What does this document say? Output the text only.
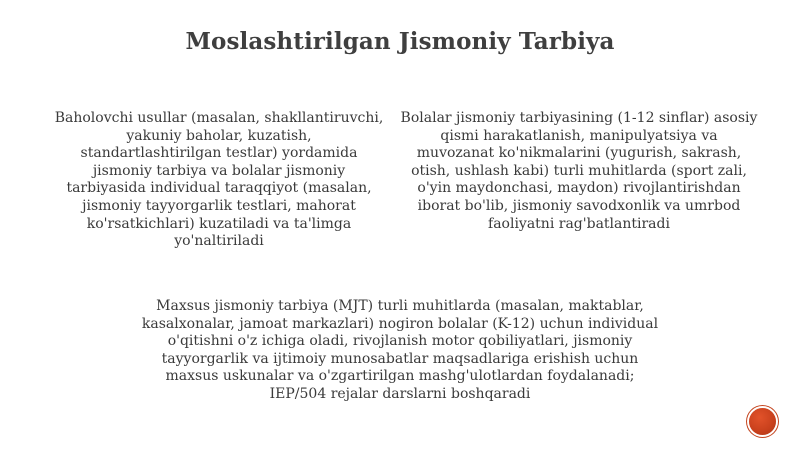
Moslashtirilgan Jismoniy Tarbiya
Baholovchi usullar (masalan, shakllantiruvchi, yakuniy baholar, kuzatish, standartlashtirilgan testlar) yordamida jismoniy tarbiya va bolalar jismoniy tarbiyasida individual taraqqiyot (masalan, jismoniy tayyorgarlik testlari, mahorat ko'rsatkichlari) kuzatiladi va ta'limga yo'naltiriladi
Bolalar jismoniy tarbiyasining (1-12 sinflar) asosiy qismi harakatlanish, manipulyatsiya va muvozanat ko'nikmalarini (yugurish, sakrash, otish, ushlash kabi) turli muhitlarda (sport zali, o'yin maydonchasi, maydon) rivojlantirishdan iborat bo'lib, jismoniy savodxonlik va umrbod faoliyatni rag'batlantiradi
Maxsus jismoniy tarbiya (MJT) turli muhitlarda (masalan, maktablar, kasalxonalar, jamoat markazlari) nogiron bolalar (K-12) uchun individual o'qitishni o'z ichiga oladi, rivojlanish motor qobiliyatlari, jismoniy tayyorgarlik va ijtimoiy munosabatlar maqsadlariga erishish uchun maxsus uskunalar va o'zgartirilgan mashg'ulotlardan foydalanadi; IEP/504 rejalar darslarni boshqaradi
